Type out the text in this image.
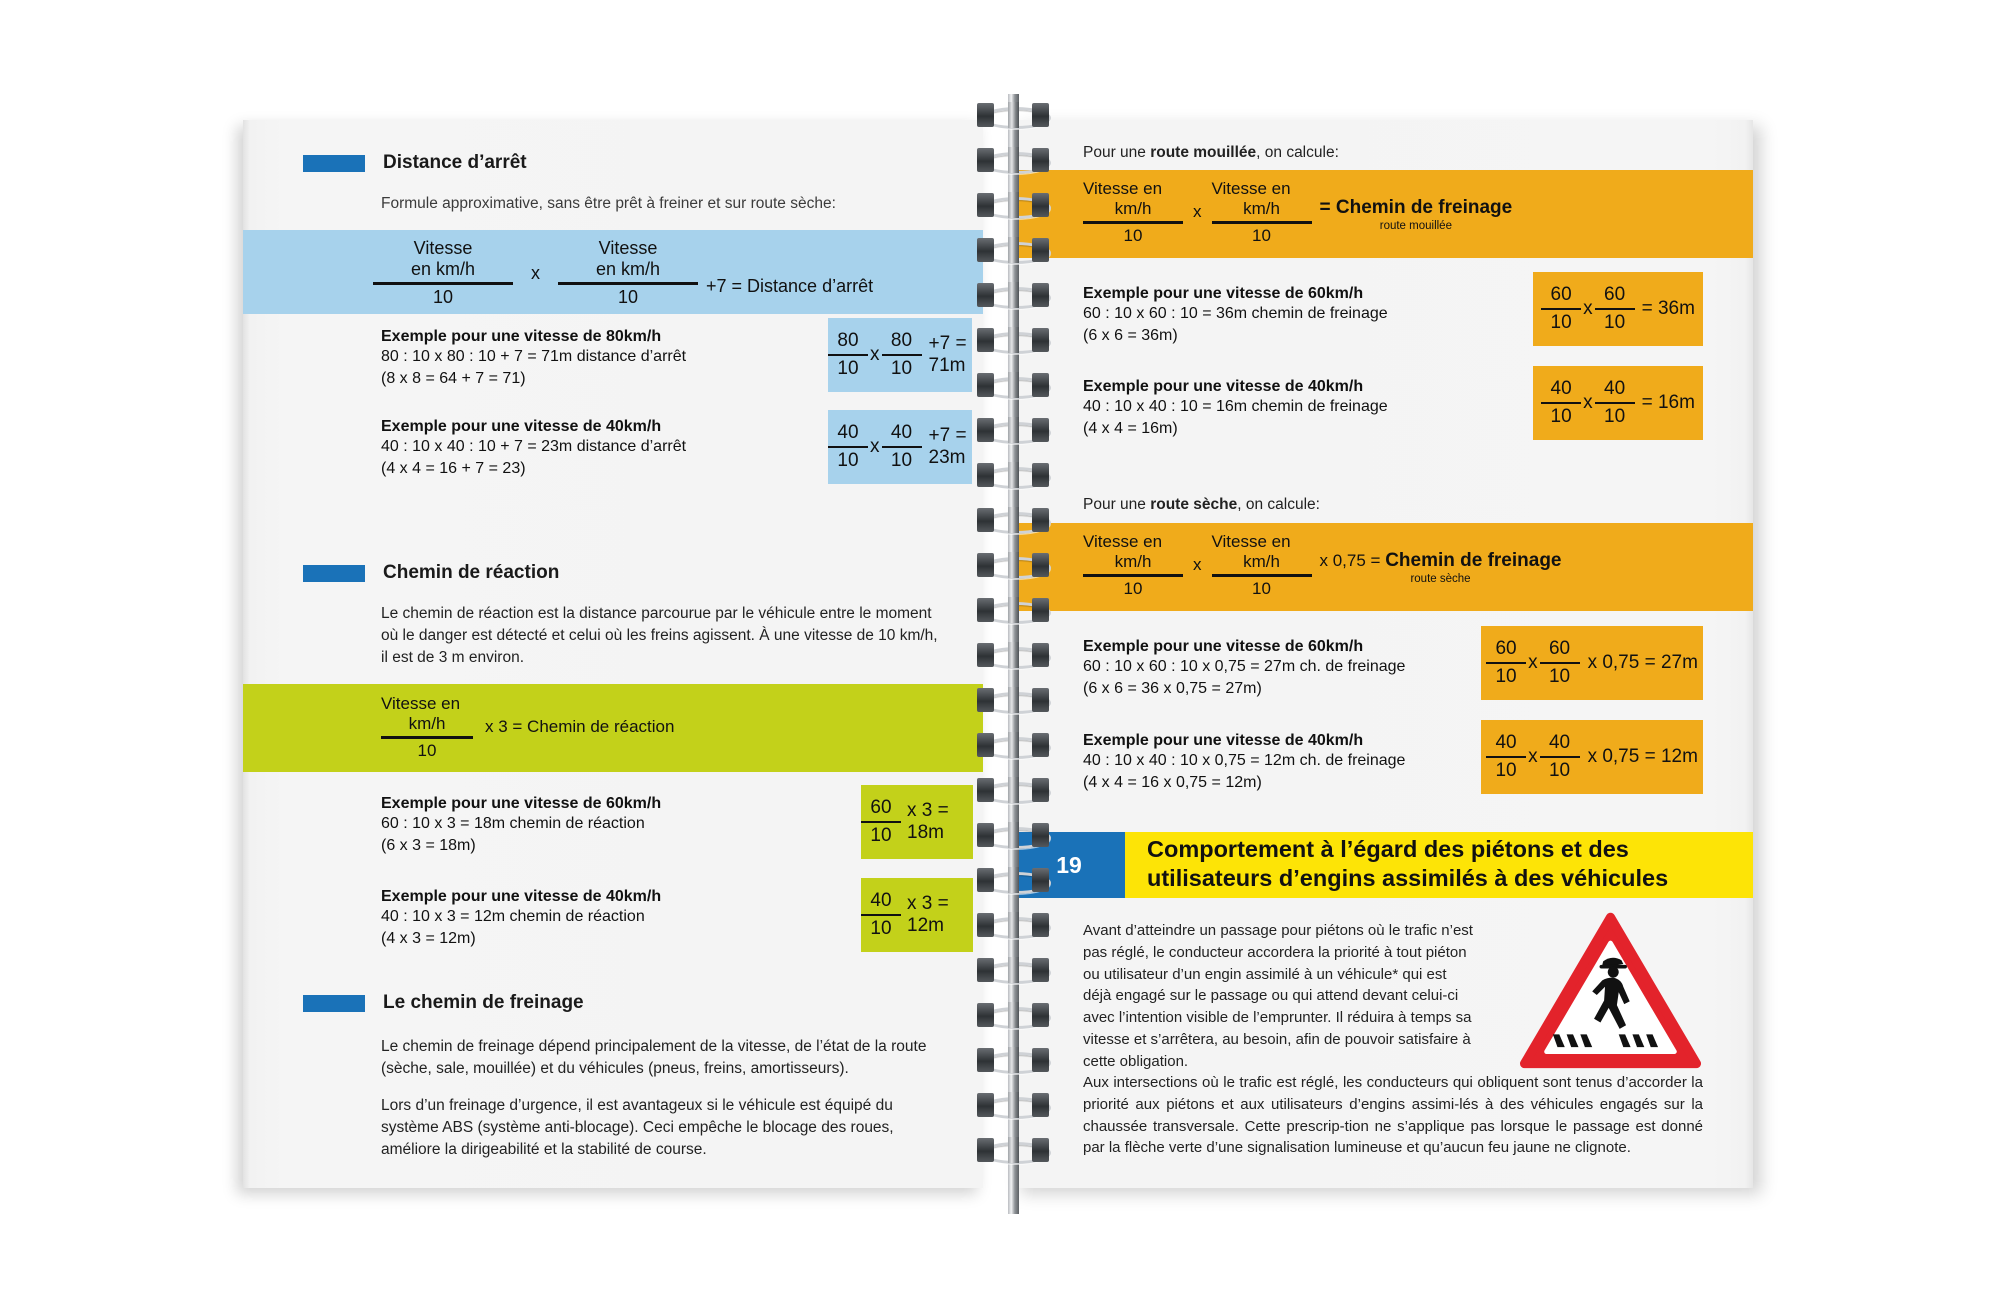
Distance d’arrêt

Formule approximative, sans être prêt à freiner et sur route sèche:

Vitesse
en km/h
10	x	Vitesse
en km/h
10 +7 = Distance d’arrêt

Exemple pour une vitesse de 80km/h

80 : 10 x 80 : 10 + 7 = 71m distance d’arrêt

(8 x 8 = 64 + 7 = 71)	$\frac{80}{10}$ x $\frac{80}{10} +7 = 71m$

Exemple pour une vitesse de 40km/h

40 : 10 x 40 : 10 + 7 = 23m distance d’arrêt

(4 x 4 = 16 + 7 = 23)	$\frac{40}{10}$ x $\frac{40}{10} +7 = 23m$
Chemin de réaction

Le chemin de réaction est la distance parcourue par le véhicule entre le moment où le danger est détecté et celui où les freins agissent. À une vitesse de 10 km/h, il est de 3 m environ.

Vitesse en
km/h
10
x 3 = Chemin de réaction

Exemple pour une vitesse de 60km/h

60 : 10 x 3 = 18m chemin de réaction

(6 x 3 = 18m)	$\frac{60}{10}$ x 3 = 18m

Exemple pour une vitesse de 40km/h

40 : 10 x 3 = 12m chemin de réaction

(4 x 3 = 12m)	$\frac{40}{10}$ x 3 = 12m
Le chemin de freinage

Le chemin de freinage dépend principalement de la vitesse, de l’état de la route (sèche, sale, mouillée) et du véhicules (pneus, freins, amortisseurs).

Lors d’un freinage d’urgence, il est avantageux si le véhicule est équipé du système ABS (système anti-blocage). Ceci empêche le blocage des roues, améliore la dirigeabilité et la stabilité de course.

Pour une route mouillée, on calcule:

Vitesse en
km/h
10
x
Vitesse en
km/h
10
= Chemin de freinage
route mouillée

Exemple pour une vitesse de 60km/h

60 : 10 x 60 : 10 = 36m chemin de freinage

(6 x 6 = 36m)

$\frac{60}{10}$ x $\frac{60}{10} = 36m$

Exemple pour une vitesse de 40km/h

40 : 10 x 40 : 10 = 16m chemin de freinage

(4 x 4 = 16m)	$\frac{40}{10}$ x $\frac{40}{10} = 16m$

Pour une route sèche, on calcule:

Vitesse en
km/h
10
x
Vitesse en
km/h
10
x 0,75 = Chemin de freinage
route sèche

Exemple pour une vitesse de 60km/h

60 : 10 x 60 : 10 x 0,75 = 27m ch. de freinage

(6 x 6 = 36 x 0,75 = 27m)	$\frac{60}{10}$ x $\frac{60}{10}$ x 0,75 = 27m

Exemple pour une vitesse de 40km/h

40 : 10 x 40 : 10 x 0,75 = 12m ch. de freinage

(4 x 4 = 16 x 0,75 = 12m)	$\frac{40}{10}$ x $\frac{40}{10}$ x 0,75 = 12m
19
Comportement à l’égard des piétons et des
utilisateurs d’engins assimilés à des véhicules

Avant d’atteindre un passage pour piétons où le trafic n’est pas réglé, le conducteur accordera la priorité à tout piéton ou utilisateur d’un engin assimilé à un véhicule* qui est déjà engagé sur le passage ou qui attend devant celui-ci avec l’intention visible de l’emprunter. Il réduira à temps sa vitesse et s’arrêtera, au besoin, afin de pouvoir satisfaire à cette obligation.

Aux intersections où le trafic est réglé, les conducteurs qui obliquent sont tenus d’accorder la priorité aux piétons et aux utilisateurs d’engins assimi-lés à des véhicules engagés sur la chaussée transversale. Cette prescrip-tion ne s’applique pas lorsque le passage est donné par la flèche verte d’une signalisation lumineuse et qu’aucun feu jaune ne clignote.
